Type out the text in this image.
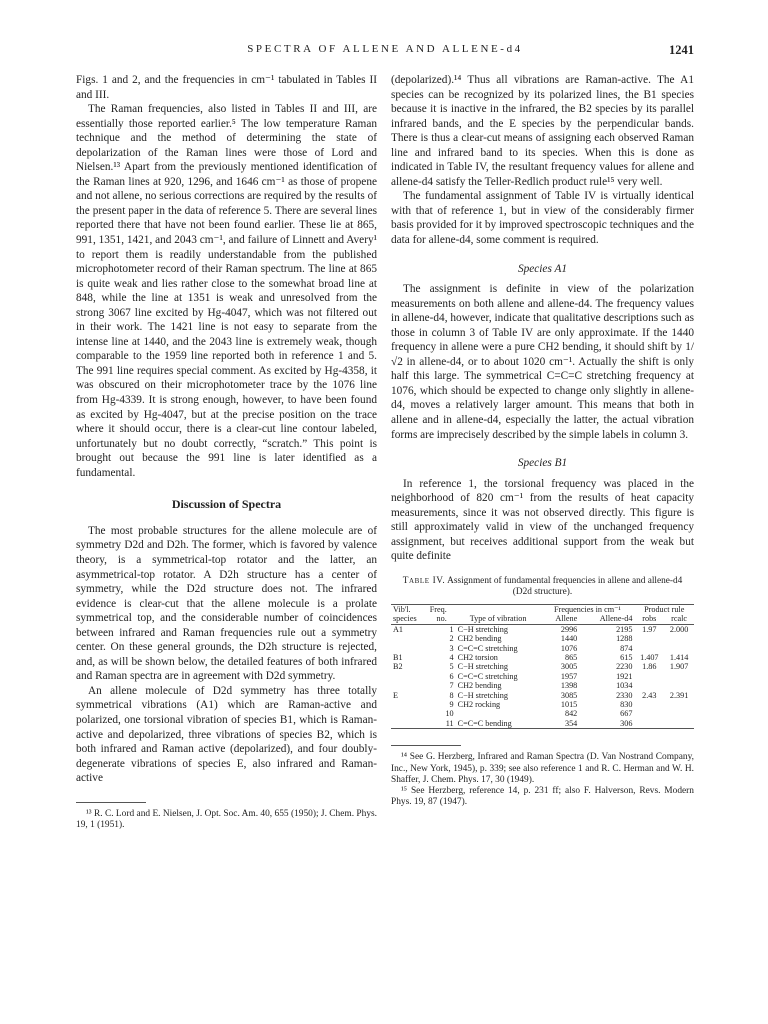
SPECTRA OF ALLENE AND ALLENE-d4	1241

Figs. 1 and 2, and the frequencies in cm⁻¹ tabulated in Tables II and III.

The Raman frequencies, also listed in Tables II and III, are essentially those reported earlier.⁵ The low temperature Raman technique and the method of determining the state of depolarization of the Raman lines were those of Lord and Nielsen.¹³ Apart from the previously mentioned identification of the Raman lines at 920, 1296, and 1646 cm⁻¹ as those of propene and not allene, no serious corrections are required by the results of the present paper in the data of reference 5. There are several lines reported there that have not been found earlier. These lie at 865, 991, 1351, 1421, and 2043 cm⁻¹, and failure of Linnett and Avery¹ to report them is readily understandable from the published microphotometer record of their Raman spectrum. The line at 865 is quite weak and lies rather close to the somewhat broad line at 848, while the line at 1351 is weak and unresolved from the strong 3067 line excited by Hg-4047, which was not filtered out in their work. The 1421 line is not easy to separate from the intense line at 1440, and the 2043 line is extremely weak, though comparable to the 1959 line reported both in reference 1 and 5. The 991 line requires special comment. As excited by Hg-4358, it was obscured on their microphotometer trace by the 1076 line from Hg-4339. It is strong enough, however, to have been found as excited by Hg-4047, but at the precise position on the trace where it should occur, there is a clear-cut line contour labeled, unfortunately but no doubt correctly, “scratch.” This point is brought out because the 991 line is later identified as a fundamental.

Discussion of Spectra

The most probable structures for the allene molecule are of symmetry D2d and D2h. The former, which is favored by valence theory, is a symmetrical-top rotator and the latter, an asymmetrical-top rotator. A D2h structure has a center of symmetry, while the D2d structure does not. The infrared evidence is clear-cut that the allene molecule is a prolate symmetrical top, and the considerable number of coincidences between infrared and Raman frequencies rule out a symmetry center. On these general grounds, the D2h structure is rejected, and, as will be shown below, the detailed features of both infrared and Raman spectra are in agreement with D2d symmetry.

An allene molecule of D2d symmetry has three totally symmetrical vibrations (A1) which are Raman-active and polarized, one torsional vibration of species B1, which is Raman-active and depolarized, three vibrations of species B2, which is both infrared and Raman active (depolarized), and four doubly-degenerate vibrations of species E, also infrared and Raman-active

¹³ R. C. Lord and E. Nielsen, J. Opt. Soc. Am. 40, 655 (1950); J. Chem. Phys. 19, 1 (1951).

(depolarized).¹⁴ Thus all vibrations are Raman-active. The A1 species can be recognized by its polarized lines, the B1 species because it is inactive in the infrared, the B2 species by its parallel infrared bands, and the E species by the perpendicular bands. There is thus a clear-cut means of assigning each observed Raman line and infrared band to its species. When this is done as indicated in Table IV, the resultant frequency values for allene and allene-d4 satisfy the Teller-Redlich product rule¹⁵ very well.

The fundamental assignment of Table IV is virtually identical with that of reference 1, but in view of the considerably firmer basis provided for it by improved spectroscopic techniques and the data for allene-d4, some comment is required.

Species A1

The assignment is definite in view of the polarization measurements on both allene and allene-d4. The frequency values in allene-d4, however, indicate that qualitative descriptions such as those in column 3 of Table IV are only approximate. If the 1440 frequency in allene were a pure CH2 bending, it should shift by 1/√2 in allene-d4, or to about 1020 cm⁻¹. Actually the shift is only half this large. The symmetrical C=C=C stretching frequency at 1076, which should be expected to change only slightly in allene-d4, moves a relatively larger amount. This means that both in allene and in allene-d4, especially the latter, the actual vibration forms are imprecisely described by the simple labels in column 3.

Species B1

In reference 1, the torsional frequency was placed in the neighborhood of 820 cm⁻¹ from the results of heat capacity measurements, since it was not observed directly. This figure is still approximately valid in view of the unchanged frequency assignment, but receives additional support from the weak but quite definite

Table IV. Assignment of fundamental frequencies in allene and allene-d4 (D2d structure).
Vib'l.	Freq.		Frequencies in cm⁻¹		Product rule	
species	no.	Type of vibration	Allene	Allene-d4	robs	rcalc
A1	1	C−H stretching	2996	2195	1.97	2.000
	2	CH2 bending	1440	1288		
	3	C=C=C stretching	1076	874		
B1	4	CH2 torsion	865	615	1.407	1.414
B2	5	C−H stretching	3005	2230	1.86	1.907
	6	C=C=C stretching	1957	1921		
	7	CH2 bending	1398	1034		
E	8	C−H stretching	3085	2330	2.43	2.391
	9	CH2 rocking	1015	830		
	10		842	667		
	11	C=C=C bending	354	306		

¹⁴ See G. Herzberg, Infrared and Raman Spectra (D. Van Nostrand Company, Inc., New York, 1945), p. 339; see also reference 1 and R. C. Herman and W. H. Shaffer, J. Chem. Phys. 17, 30 (1949).

¹⁵ See Herzberg, reference 14, p. 231 ff; also F. Halverson, Revs. Modern Phys. 19, 87 (1947).
